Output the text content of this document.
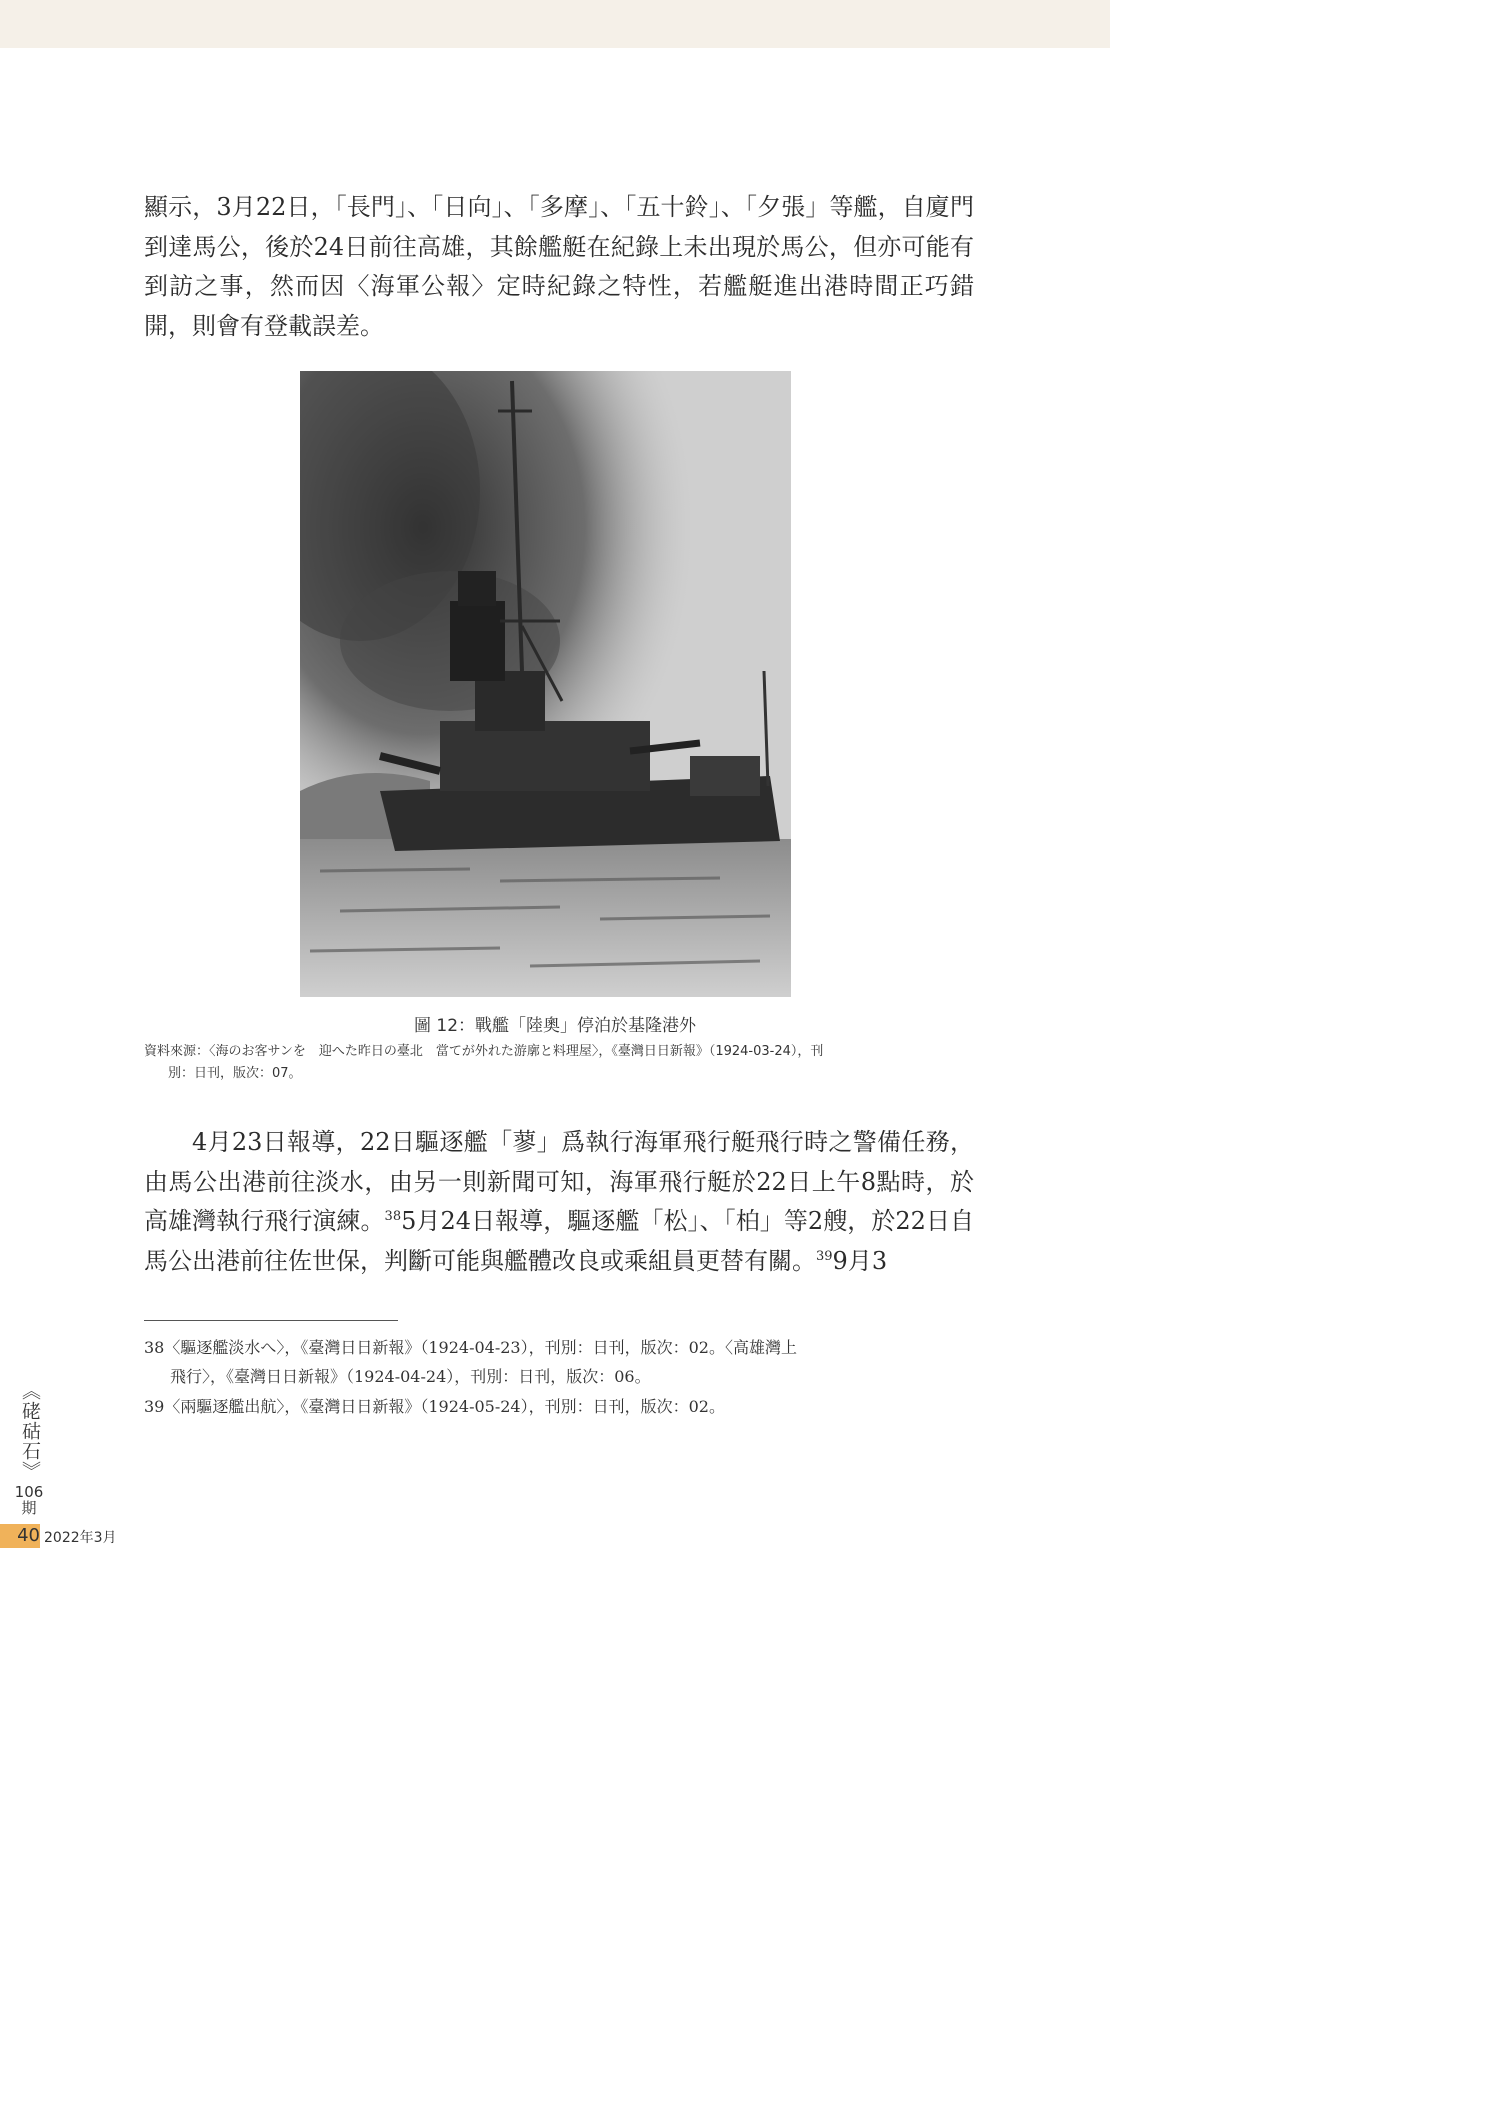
顯示，3月22日，「長門」、「日向」、「多摩」、「五十鈴」、「夕張」等艦，自廈門到達馬公，後於24日前往高雄，其餘艦艇在紀錄上未出現於馬公，但亦可能有到訪之事，然而因〈海軍公報〉定時紀錄之特性，若艦艇進出港時間正巧錯開，則會有登載誤差。

圖 12：戰艦「陸奧」停泊於基隆港外

資料來源：〈海のお客サンを　迎へた昨日の臺北　當てが外れた游廓と料理屋〉，《臺灣日日新報》（1924-03-24），刊
別：日刊，版次：07。

4月23日報導，22日驅逐艦「蓼」爲執行海軍飛行艇飛行時之警備任務，由馬公出港前往淡水，由另一則新聞可知，海軍飛行艇於22日上午8點時，於高雄灣執行飛行演練。$^{38}$5月24日報導，驅逐艦「松」、「柏」等2艘，於22日自馬公出港前往佐世保，判斷可能與艦體改良或乘組員更替有關。$^{39}$9月3

38〈驅逐艦淡水へ〉，《臺灣日日新報》（1924-04-23），刊別：日刊，版次：02。〈高雄灣上
飛行〉，《臺灣日日新報》（1924-04-24），刊別：日刊，版次：06。

39〈兩驅逐艦出航〉，《臺灣日日新報》（1924-05-24），刊別：日刊，版次：02。

《硓𥑮石》
106
期
40 2022年3月
